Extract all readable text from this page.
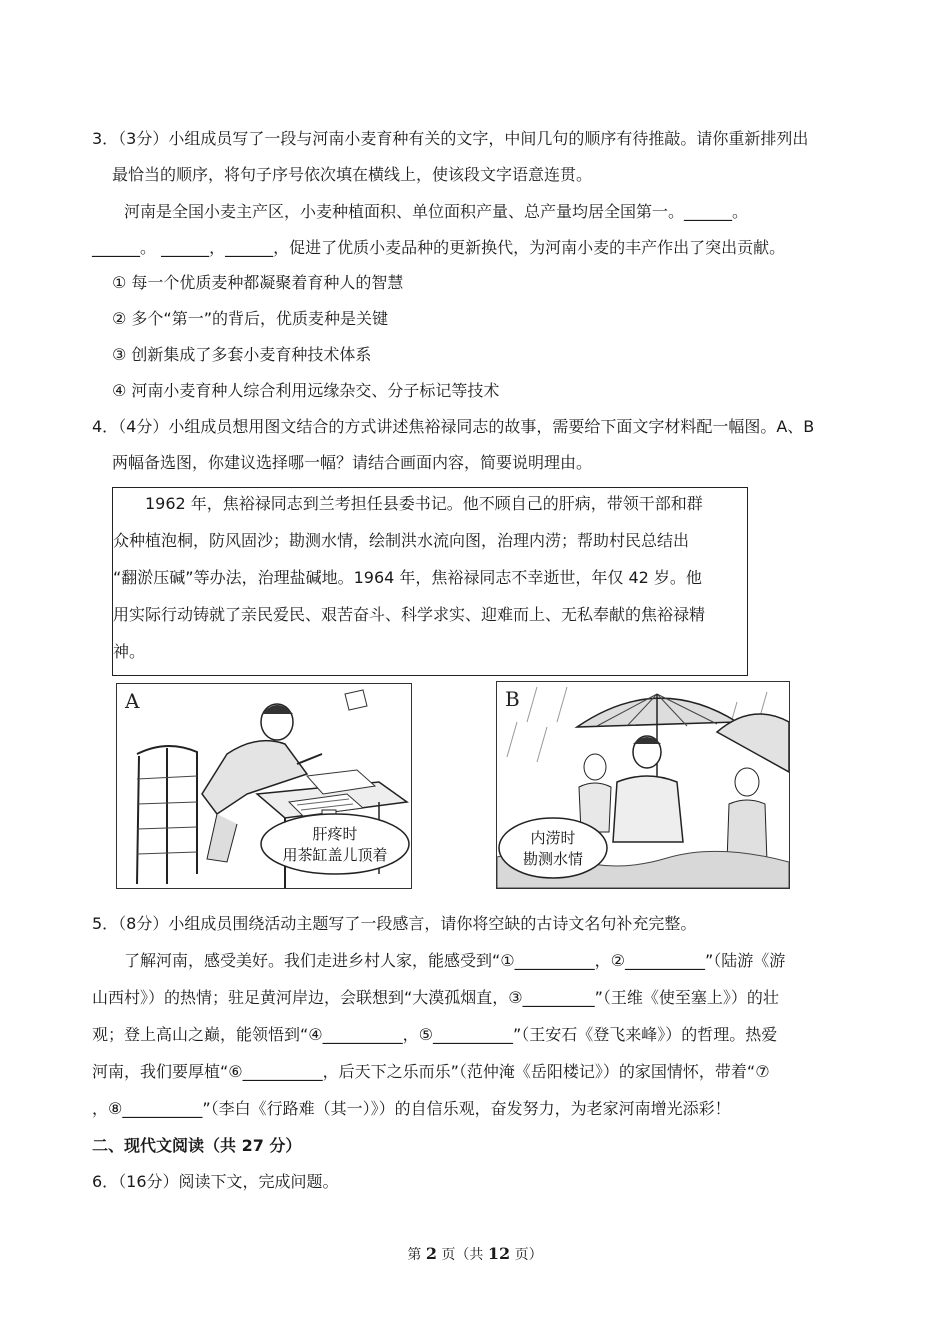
3．（3分）小组成员写了一段与河南小麦育种有关的文字，中间几句的顺序有待推敲。请你重新排列出
最恰当的顺序，将句子序号依次填在横线上，使该段文字语意连贯。
河南是全国小麦主产区，小麦种植面积、单位面积产量、总产量均居全国第一。______。
______。 ______，______，促进了优质小麦品种的更新换代，为河南小麦的丰产作出了突出贡献。
① 每一个优质麦种都凝聚着育种人的智慧
② 多个“第一”的背后，优质麦种是关键
③ 创新集成了多套小麦育种技术体系
④ 河南小麦育种人综合利用远缘杂交、分子标记等技术
4．（4分）小组成员想用图文结合的方式讲述焦裕禄同志的故事，需要给下面文字材料配一幅图。A、B
两幅备选图，你建议选择哪一幅？请结合画面内容，简要说明理由。
　　1962 年，焦裕禄同志到兰考担任县委书记。他不顾自己的肝病，带领干部和群
众种植泡桐，防风固沙；勘测水情，绘制洪水流向图，治理内涝；帮助村民总结出
“翻淤压碱”等办法，治理盐碱地。1964 年，焦裕禄同志不幸逝世，年仅 42 岁。他
用实际行动铸就了亲民爱民、艰苦奋斗、科学求实、迎难而上、无私奉献的焦裕禄精
神。
A
肝疼时
用茶缸盖儿顶着
B
内涝时
勘测水情
5．（8分）小组成员围绕活动主题写了一段感言，请你将空缺的古诗文名句补充完整。
　　了解河南，感受美好。我们走进乡村人家，能感受到“①__________，②__________”（陆游《游
山西村》）的热情；驻足黄河岸边，会联想到“大漠孤烟直，③_________”（王维《使至塞上》）的壮
观；登上高山之巅，能领悟到“④__________，⑤__________”（王安石《登飞来峰》）的哲理。热爱
河南，我们要厚植“⑥__________，后天下之乐而乐”（范仲淹《岳阳楼记》）的家国情怀，带着“⑦
，⑧__________”（李白《行路难（其一）》）的自信乐观，奋发努力，为老家河南增光添彩！
二、现代文阅读（共 27 分）
6．（16分）阅读下文，完成问题。
第 2 页（共 12 页）
